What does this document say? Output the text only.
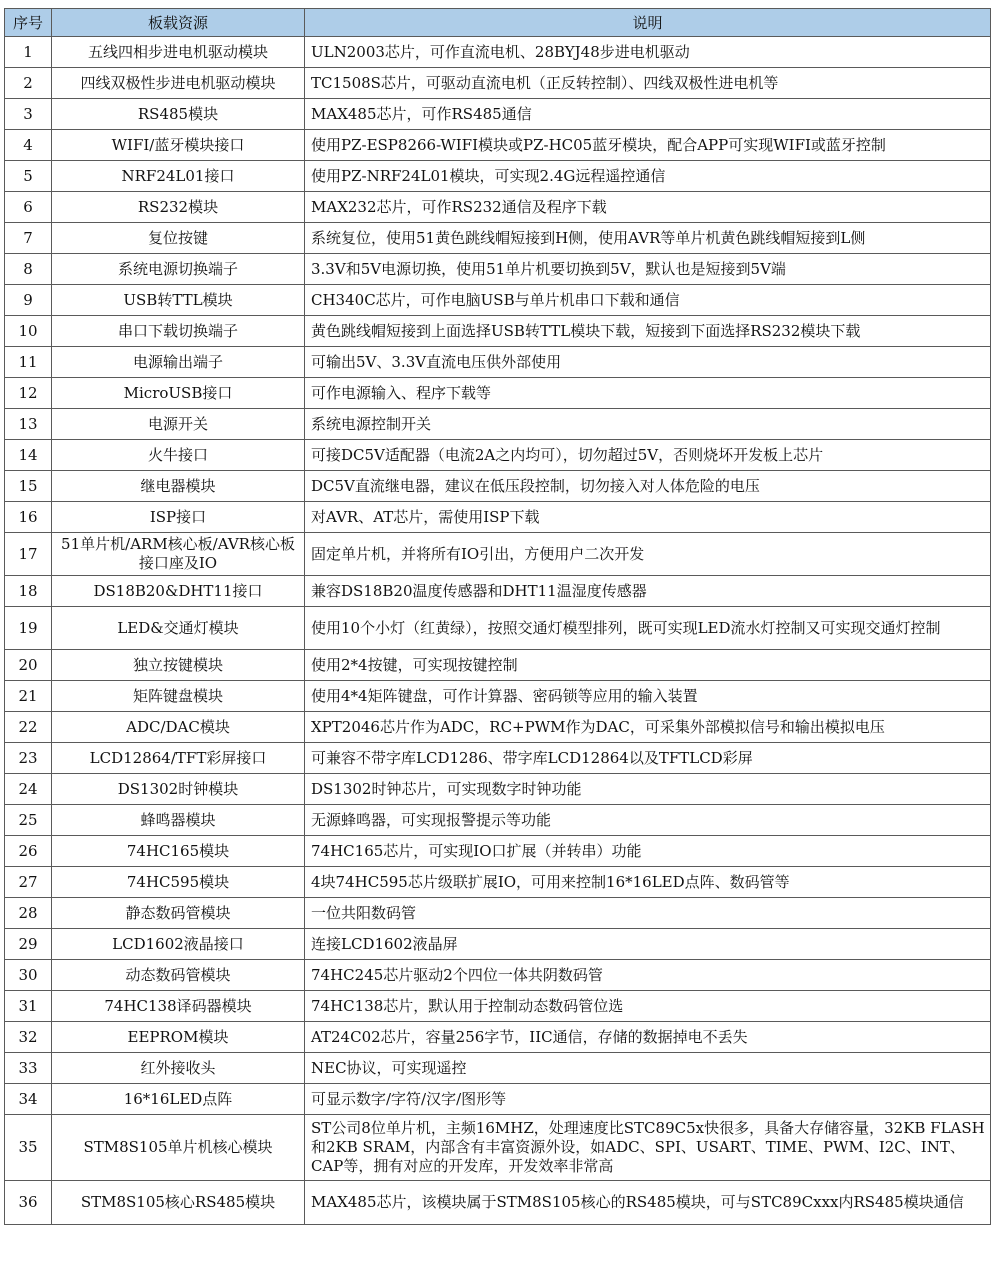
序号	板载资源	说明
1	五线四相步进电机驱动模块	ULN2003芯片，可作直流电机、28BYJ48步进电机驱动
2	四线双极性步进电机驱动模块	TC1508S芯片，可驱动直流电机（正反转控制）、四线双极性进电机等
3	RS485模块	MAX485芯片，可作RS485通信
4	WIFI/蓝牙模块接口	使用PZ-ESP8266-WIFI模块或PZ-HC05蓝牙模块，配合APP可实现WIFI或蓝牙控制
5	NRF24L01接口	使用PZ-NRF24L01模块，可实现2.4G远程遥控通信
6	RS232模块	MAX232芯片，可作RS232通信及程序下载
7	复位按键	系统复位，使用51黄色跳线帽短接到H侧，使用AVR等单片机黄色跳线帽短接到L侧
8	系统电源切换端子	3.3V和5V电源切换，使用51单片机要切换到5V，默认也是短接到5V端
9	USB转TTL模块	CH340C芯片，可作电脑USB与单片机串口下载和通信
10	串口下载切换端子	黄色跳线帽短接到上面选择USB转TTL模块下载，短接到下面选择RS232模块下载
11	电源输出端子	可输出5V、3.3V直流电压供外部使用
12	MicroUSB接口	可作电源输入、程序下载等
13	电源开关	系统电源控制开关
14	火牛接口	可接DC5V适配器（电流2A之内均可），切勿超过5V，否则烧坏开发板上芯片
15	继电器模块	DC5V直流继电器，建议在低压段控制，切勿接入对人体危险的电压
16	ISP接口	对AVR、AT芯片，需使用ISP下载
17	51单片机/ARM核心板/AVR核心板接口座及IO	固定单片机，并将所有IO引出，方便用户二次开发
18	DS18B20&DHT11接口	兼容DS18B20温度传感器和DHT11温湿度传感器
19	LED&交通灯模块	使用10个小灯（红黄绿），按照交通灯模型排列，既可实现LED流水灯控制又可实现交通灯控制
20	独立按键模块	使用2*4按键，可实现按键控制
21	矩阵键盘模块	使用4*4矩阵键盘，可作计算器、密码锁等应用的输入装置
22	ADC/DAC模块	XPT2046芯片作为ADC，RC+PWM作为DAC，可采集外部模拟信号和输出模拟电压
23	LCD12864/TFT彩屏接口	可兼容不带字库LCD1286、带字库LCD12864以及TFTLCD彩屏
24	DS1302时钟模块	DS1302时钟芯片，可实现数字时钟功能
25	蜂鸣器模块	无源蜂鸣器，可实现报警提示等功能
26	74HC165模块	74HC165芯片，可实现IO口扩展（并转串）功能
27	74HC595模块	4块74HC595芯片级联扩展IO，可用来控制16*16LED点阵、数码管等
28	静态数码管模块	一位共阳数码管
29	LCD1602液晶接口	连接LCD1602液晶屏
30	动态数码管模块	74HC245芯片驱动2个四位一体共阴数码管
31	74HC138译码器模块	74HC138芯片，默认用于控制动态数码管位选
32	EEPROM模块	AT24C02芯片，容量256字节，IIC通信，存储的数据掉电不丢失
33	红外接收头	NEC协议，可实现遥控
34	16*16LED点阵	可显示数字/字符/汉字/图形等
35	STM8S105单片机核心模块	ST公司8位单片机，主频16MHZ，处理速度比STC89C5x快很多，具备大存储容量，32KB FLASH和2KB SRAM，内部含有丰富资源外设，如ADC、SPI、USART、TIME、PWM、I2C、INT、CAP等，拥有对应的开发库，开发效率非常高
36	STM8S105核心RS485模块	MAX485芯片，该模块属于STM8S105核心的RS485模块，可与STC89Cxxx内RS485模块通信
